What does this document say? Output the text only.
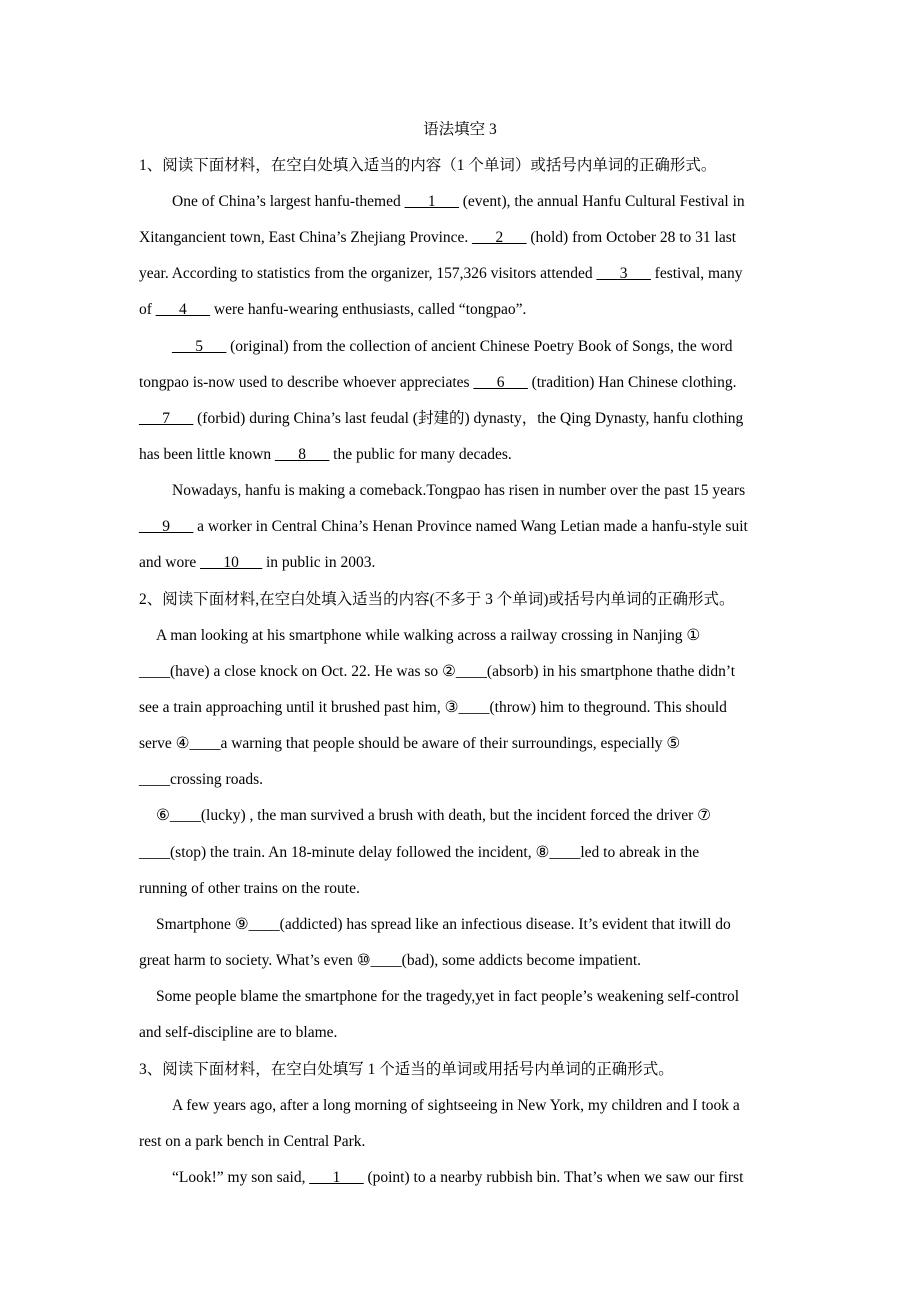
语法填空 3
1、阅读下面材料，在空白处填入适当的内容（1 个单词）或括号内单词的正确形式。
One of China’s largest hanfu-themed ___1___ (event), the annual Hanfu Cultural Festival in
Xitangancient town, East China’s Zhejiang Province. ___2___ (hold) from October 28 to 31 last
year. According to statistics from the organizer, 157,326 visitors attended ___3___ festival, many
of ___4___ were hanfu-wearing enthusiasts, called “tongpao”.
___5___ (original) from the collection of ancient Chinese Poetry Book of Songs, the word
tongpao is-now used to describe whoever appreciates ___6___ (tradition) Han Chinese clothing.
___7___ (forbid) during China’s last feudal (封建的) dynasty，the Qing Dynasty, hanfu clothing
has been little known ___8___ the public for many decades.
Nowadays, hanfu is making a comeback.Tongpao has risen in number over the past 15 years
___9___ a worker in Central China’s Henan Province named Wang Letian made a hanfu-style suit
and wore ___10___ in public in 2003.
2、阅读下面材料,在空白处填入适当的内容(不多于 3 个单词)或括号内单词的正确形式。
A man looking at his smartphone while walking across a railway crossing in Nanjing ①
____(have) a close knock on Oct. 22. He was so ②____(absorb) in his smartphone thathe didn’t
see a train approaching until it brushed past him, ③____(throw) him to theground. This should
serve ④____a warning that people should be aware of their surroundings, especially ⑤
____crossing roads.
⑥____(lucky) , the man survived a brush with death, but the incident forced the driver ⑦
____(stop) the train. An 18-minute delay followed the incident, ⑧____led to abreak in the
running of other trains on the route.
Smartphone ⑨____(addicted) has spread like an infectious disease. It’s evident that itwill do
great harm to society. What’s even ⑩____(bad), some addicts become impatient.
Some people blame the smartphone for the tragedy,yet in fact people’s weakening self-control
and self-discipline are to blame.
3、阅读下面材料，在空白处填写 1 个适当的单词或用括号内单词的正确形式。
A few years ago, after a long morning of sightseeing in New York, my children and I took a
rest on a park bench in Central Park.
“Look!” my son said, ___1___ (point) to a nearby rubbish bin. That’s when we saw our first
